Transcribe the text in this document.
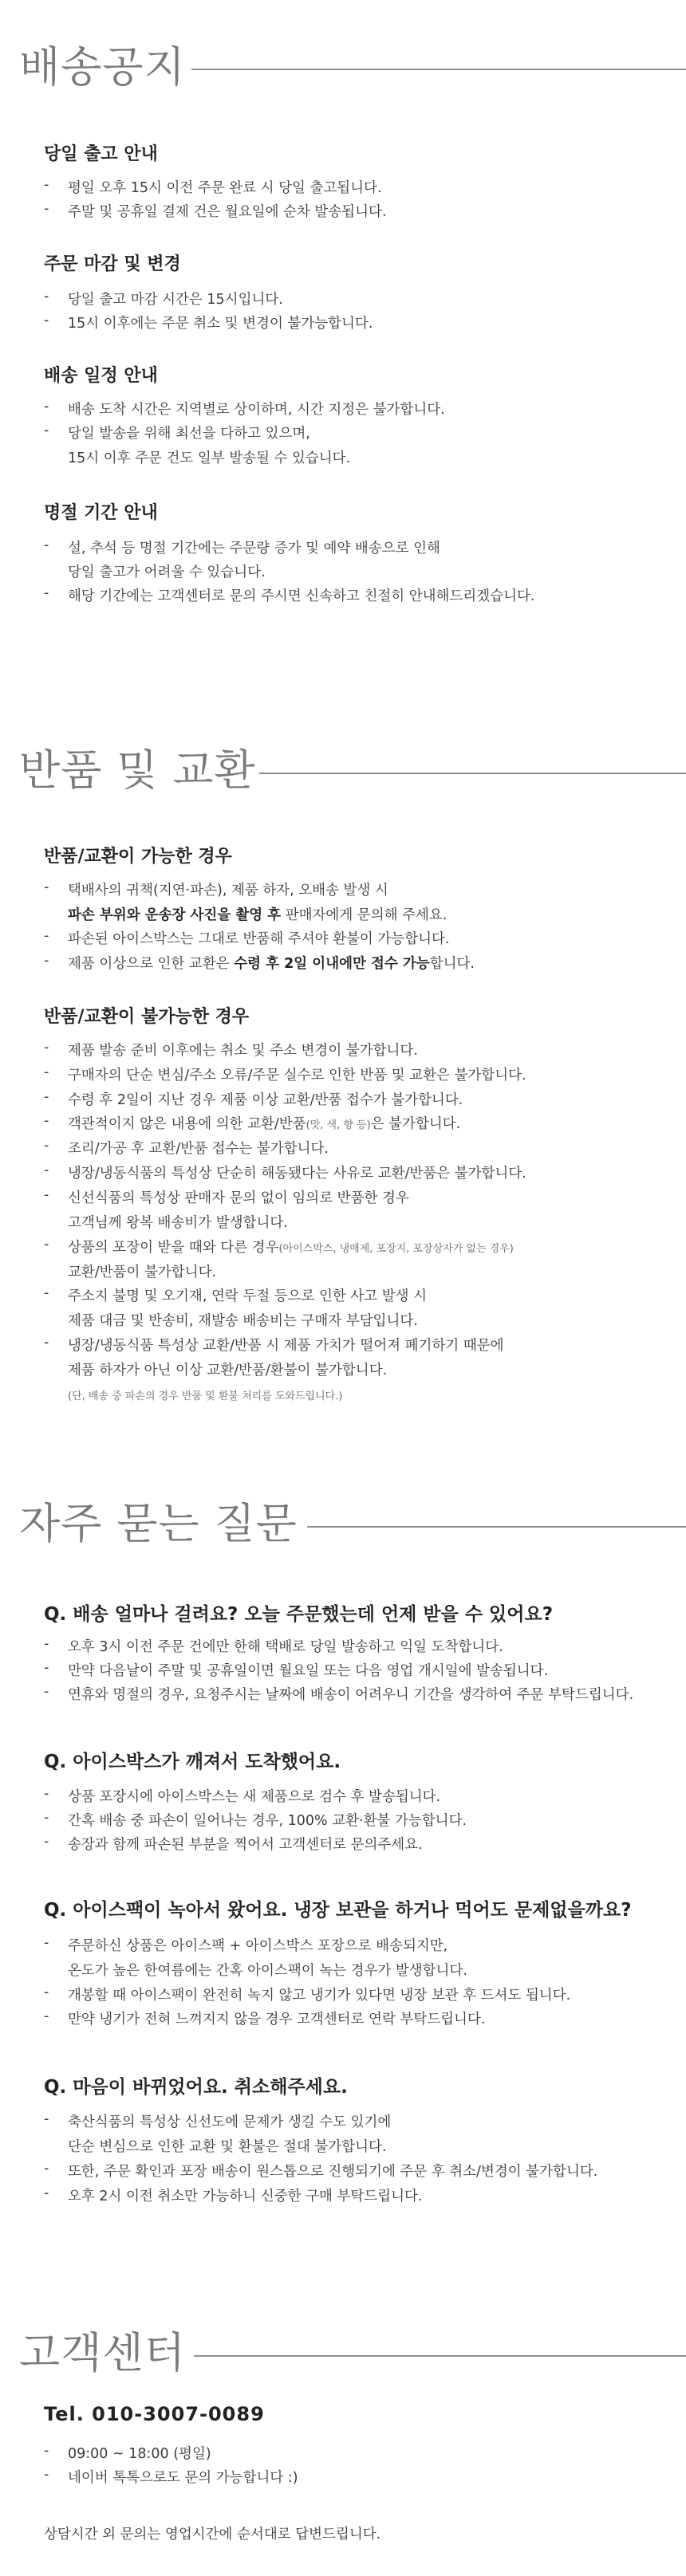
배송공지
당일 출고 안내
- 평일 오후 15시 이전 주문 완료 시 당일 출고됩니다.
- 주말 및 공휴일 결제 건은 월요일에 순차 발송됩니다.
주문 마감 및 변경
- 당일 출고 마감 시간은 15시입니다.
- 15시 이후에는 주문 취소 및 변경이 불가능합니다.
배송 일정 안내
- 배송 도착 시간은 지역별로 상이하며, 시간 지정은 불가합니다.
- 당일 발송을 위해 최선을 다하고 있으며,
15시 이후 주문 건도 일부 발송될 수 있습니다.
명절 기간 안내
- 설, 추석 등 명절 기간에는 주문량 증가 및 예약 배송으로 인해
당일 출고가 어려울 수 있습니다.
- 해당 기간에는 고객센터로 문의 주시면 신속하고 친절히 안내해드리겠습니다.
반품 및 교환
반품/교환이 가능한 경우
- 택배사의 귀책(지연·파손), 제품 하자, 오배송 발생 시
파손 부위와 운송장 사진을 촬영 후 판매자에게 문의해 주세요.
- 파손된 아이스박스는 그대로 반품해 주셔야 환불이 가능합니다.
- 제품 이상으로 인한 교환은 수령 후 2일 이내에만 접수 가능합니다.
반품/교환이 불가능한 경우
- 제품 발송 준비 이후에는 취소 및 주소 변경이 불가합니다.
- 구매자의 단순 변심/주소 오류/주문 실수로 인한 반품 및 교환은 불가합니다.
- 수령 후 2일이 지난 경우 제품 이상 교환/반품 접수가 불가합니다.
- 객관적이지 않은 내용에 의한 교환/반품(맛, 색, 향 등)은 불가합니다.
- 조리/가공 후 교환/반품 접수는 불가합니다.
- 냉장/냉동식품의 특성상 단순히 해동됐다는 사유로 교환/반품은 불가합니다.
- 신선식품의 특성상 판매자 문의 없이 임의로 반품한 경우
고객님께 왕복 배송비가 발생합니다.
- 상품의 포장이 받을 때와 다른 경우(아이스박스, 냉매제, 포장지, 포장상자가 없는 경우)
교환/반품이 불가합니다.
- 주소지 불명 및 오기재, 연락 두절 등으로 인한 사고 발생 시
제품 대금 및 반송비, 재발송 배송비는 구매자 부담입니다.
- 냉장/냉동식품 특성상 교환/반품 시 제품 가치가 떨어져 폐기하기 때문에
제품 하자가 아닌 이상 교환/반품/환불이 불가합니다.
(단, 배송 중 파손의 경우 반품 및 환불 처리를 도와드립니다.)
자주 묻는 질문
Q. 배송 얼마나 걸려요? 오늘 주문했는데 언제 받을 수 있어요?
- 오후 3시 이전 주문 건에만 한해 택배로 당일 발송하고 익일 도착합니다.
- 만약 다음날이 주말 및 공휴일이면 월요일 또는 다음 영업 개시일에 발송됩니다.
- 연휴와 명절의 경우, 요청주시는 날짜에 배송이 어려우니 기간을 생각하여 주문 부탁드립니다.
Q. 아이스박스가 깨져서 도착했어요.
- 상품 포장시에 아이스박스는 새 제품으로 검수 후 발송됩니다.
- 간혹 배송 중 파손이 일어나는 경우, 100% 교환·환불 가능합니다.
- 송장과 함께 파손된 부분을 찍어서 고객센터로 문의주세요.
Q. 아이스팩이 녹아서 왔어요. 냉장 보관을 하거나 먹어도 문제없을까요?
- 주문하신 상품은 아이스팩 + 아이스박스 포장으로 배송되지만,
온도가 높은 한여름에는 간혹 아이스팩이 녹는 경우가 발생합니다.
- 개봉할 때 아이스팩이 완전히 녹지 않고 냉기가 있다면 냉장 보관 후 드셔도 됩니다.
- 만약 냉기가 전혀 느껴지지 않을 경우 고객센터로 연락 부탁드립니다.
Q. 마음이 바뀌었어요. 취소해주세요.
- 축산식품의 특성상 신선도에 문제가 생길 수도 있기에
단순 변심으로 인한 교환 및 환불은 절대 불가합니다.
- 또한, 주문 확인과 포장 배송이 원스톱으로 진행되기에 주문 후 취소/변경이 불가합니다.
- 오후 2시 이전 취소만 가능하니 신중한 구매 부탁드립니다.
고객센터
Tel. 010-3007-0089
- 09:00 ~ 18:00 (평일)
- 네이버 톡톡으로도 문의 가능합니다 :)
상담시간 외 문의는 영업시간에 순서대로 답변드립니다.
